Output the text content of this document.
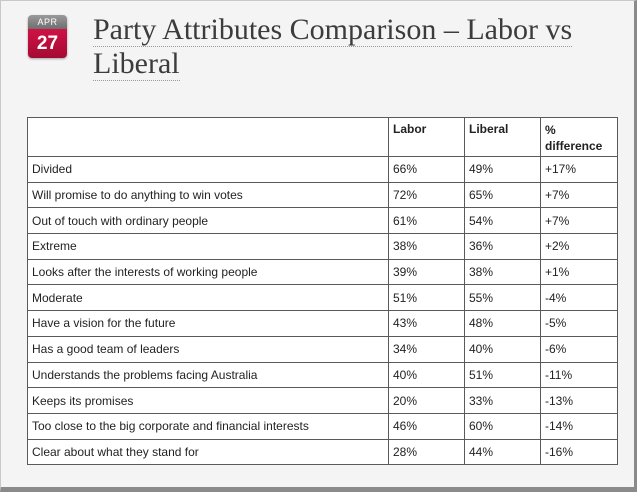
APR
27 Party Attributes Comparison – Labor vs
Liberal
	Labor	Liberal	% difference
Divided	66%	49%	+17%
Will promise to do anything to win votes	72%	65%	+7%
Out of touch with ordinary people	61%	54%	+7%
Extreme	38%	36%	+2%
Looks after the interests of working people	39%	38%	+1%
Moderate	51%	55%	-4%
Have a vision for the future	43%	48%	-5%
Has a good team of leaders	34%	40%	-6%
Understands the problems facing Australia	40%	51%	-11%
Keeps its promises	20%	33%	-13%
Too close to the big corporate and financial interests	46%	60%	-14%
Clear about what they stand for	28%	44%	-16%
